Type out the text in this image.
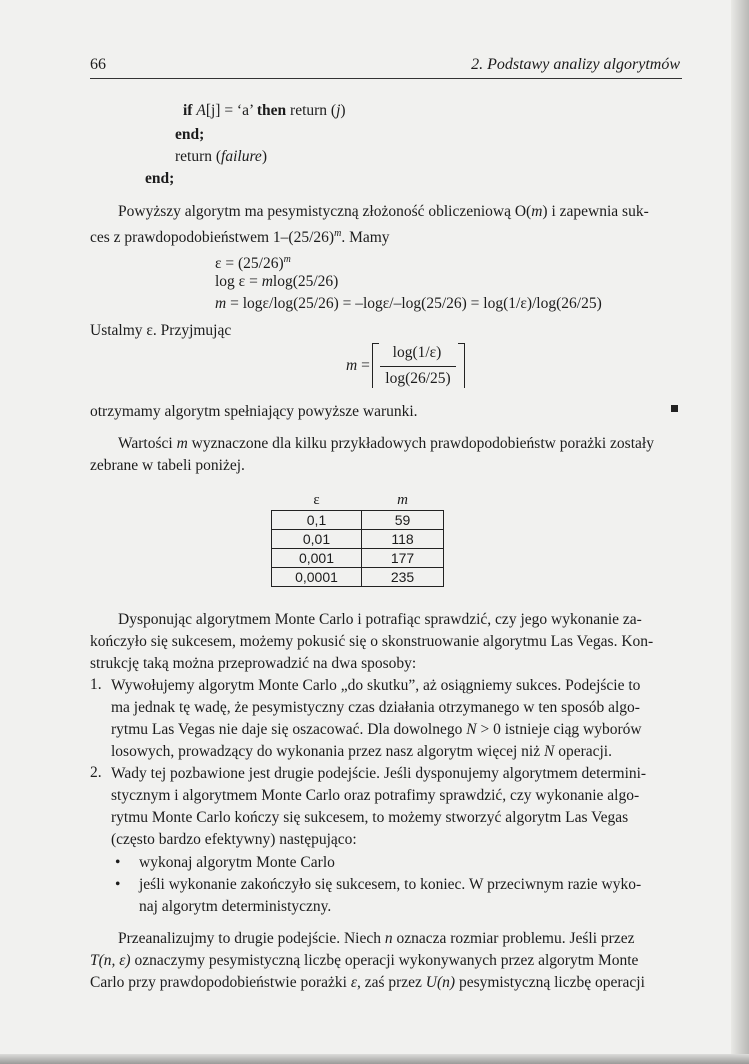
66	2. Podstawy analizy algorytmów
if A[j] = ‘a’ then return (j)
end;
return (failure)
end;
Powyższy algorytm ma pesymistyczną złożoność obliczeniową O(m) i zapewnia suk-
ces z prawdopodobieństwem $1-(25/26)^m$. Mamy
$\varepsilon = (25/26)^m$
log ε = mlog(25/26)
m = logε/log(25/26) = –logε/–log(25/26) = log(1/ε)/log(26/25)
Ustalmy ε. Przyjmując
m =
log(1/ε)
log(26/25)
otrzymamy algorytm spełniający powyższe warunki.
Wartości m wyznaczone dla kilku przykładowych prawdopodobieństw porażki zostały
zebrane w tabeli poniżej.
ε	m
0,1	59
0,01	118
0,001	177
0,0001	235
Dysponując algorytmem Monte Carlo i potrafiąc sprawdzić, czy jego wykonanie za-
kończyło się sukcesem, możemy pokusić się o skonstruowanie algorytmu Las Vegas. Kon-
strukcję taką można przeprowadzić na dwa sposoby:
1. Wywołujemy algorytm Monte Carlo „do skutku”, aż osiągniemy sukces. Podejście to
ma jednak tę wadę, że pesymistyczny czas działania otrzymanego w ten sposób algo-
rytmu Las Vegas nie daje się oszacować. Dla dowolnego N > 0 istnieje ciąg wyborów
losowych, prowadzący do wykonania przez nasz algorytm więcej niż N operacji.
2. Wady tej pozbawione jest drugie podejście. Jeśli dysponujemy algorytmem determini-
stycznym i algorytmem Monte Carlo oraz potrafimy sprawdzić, czy wykonanie algo-
rytmu Monte Carlo kończy się sukcesem, to możemy stworzyć algorytm Las Vegas
(często bardzo efektywny) następująco:
• wykonaj algorytm Monte Carlo
• jeśli wykonanie zakończyło się sukcesem, to koniec. W przeciwnym razie wyko-
naj algorytm deterministyczny.
Przeanalizujmy to drugie podejście. Niech n oznacza rozmiar problemu. Jeśli przez
T(n, ε) oznaczymy pesymistyczną liczbę operacji wykonywanych przez algorytm Monte
Carlo przy prawdopodobieństwie porażki ε, zaś przez U(n) pesymistyczną liczbę operacji
